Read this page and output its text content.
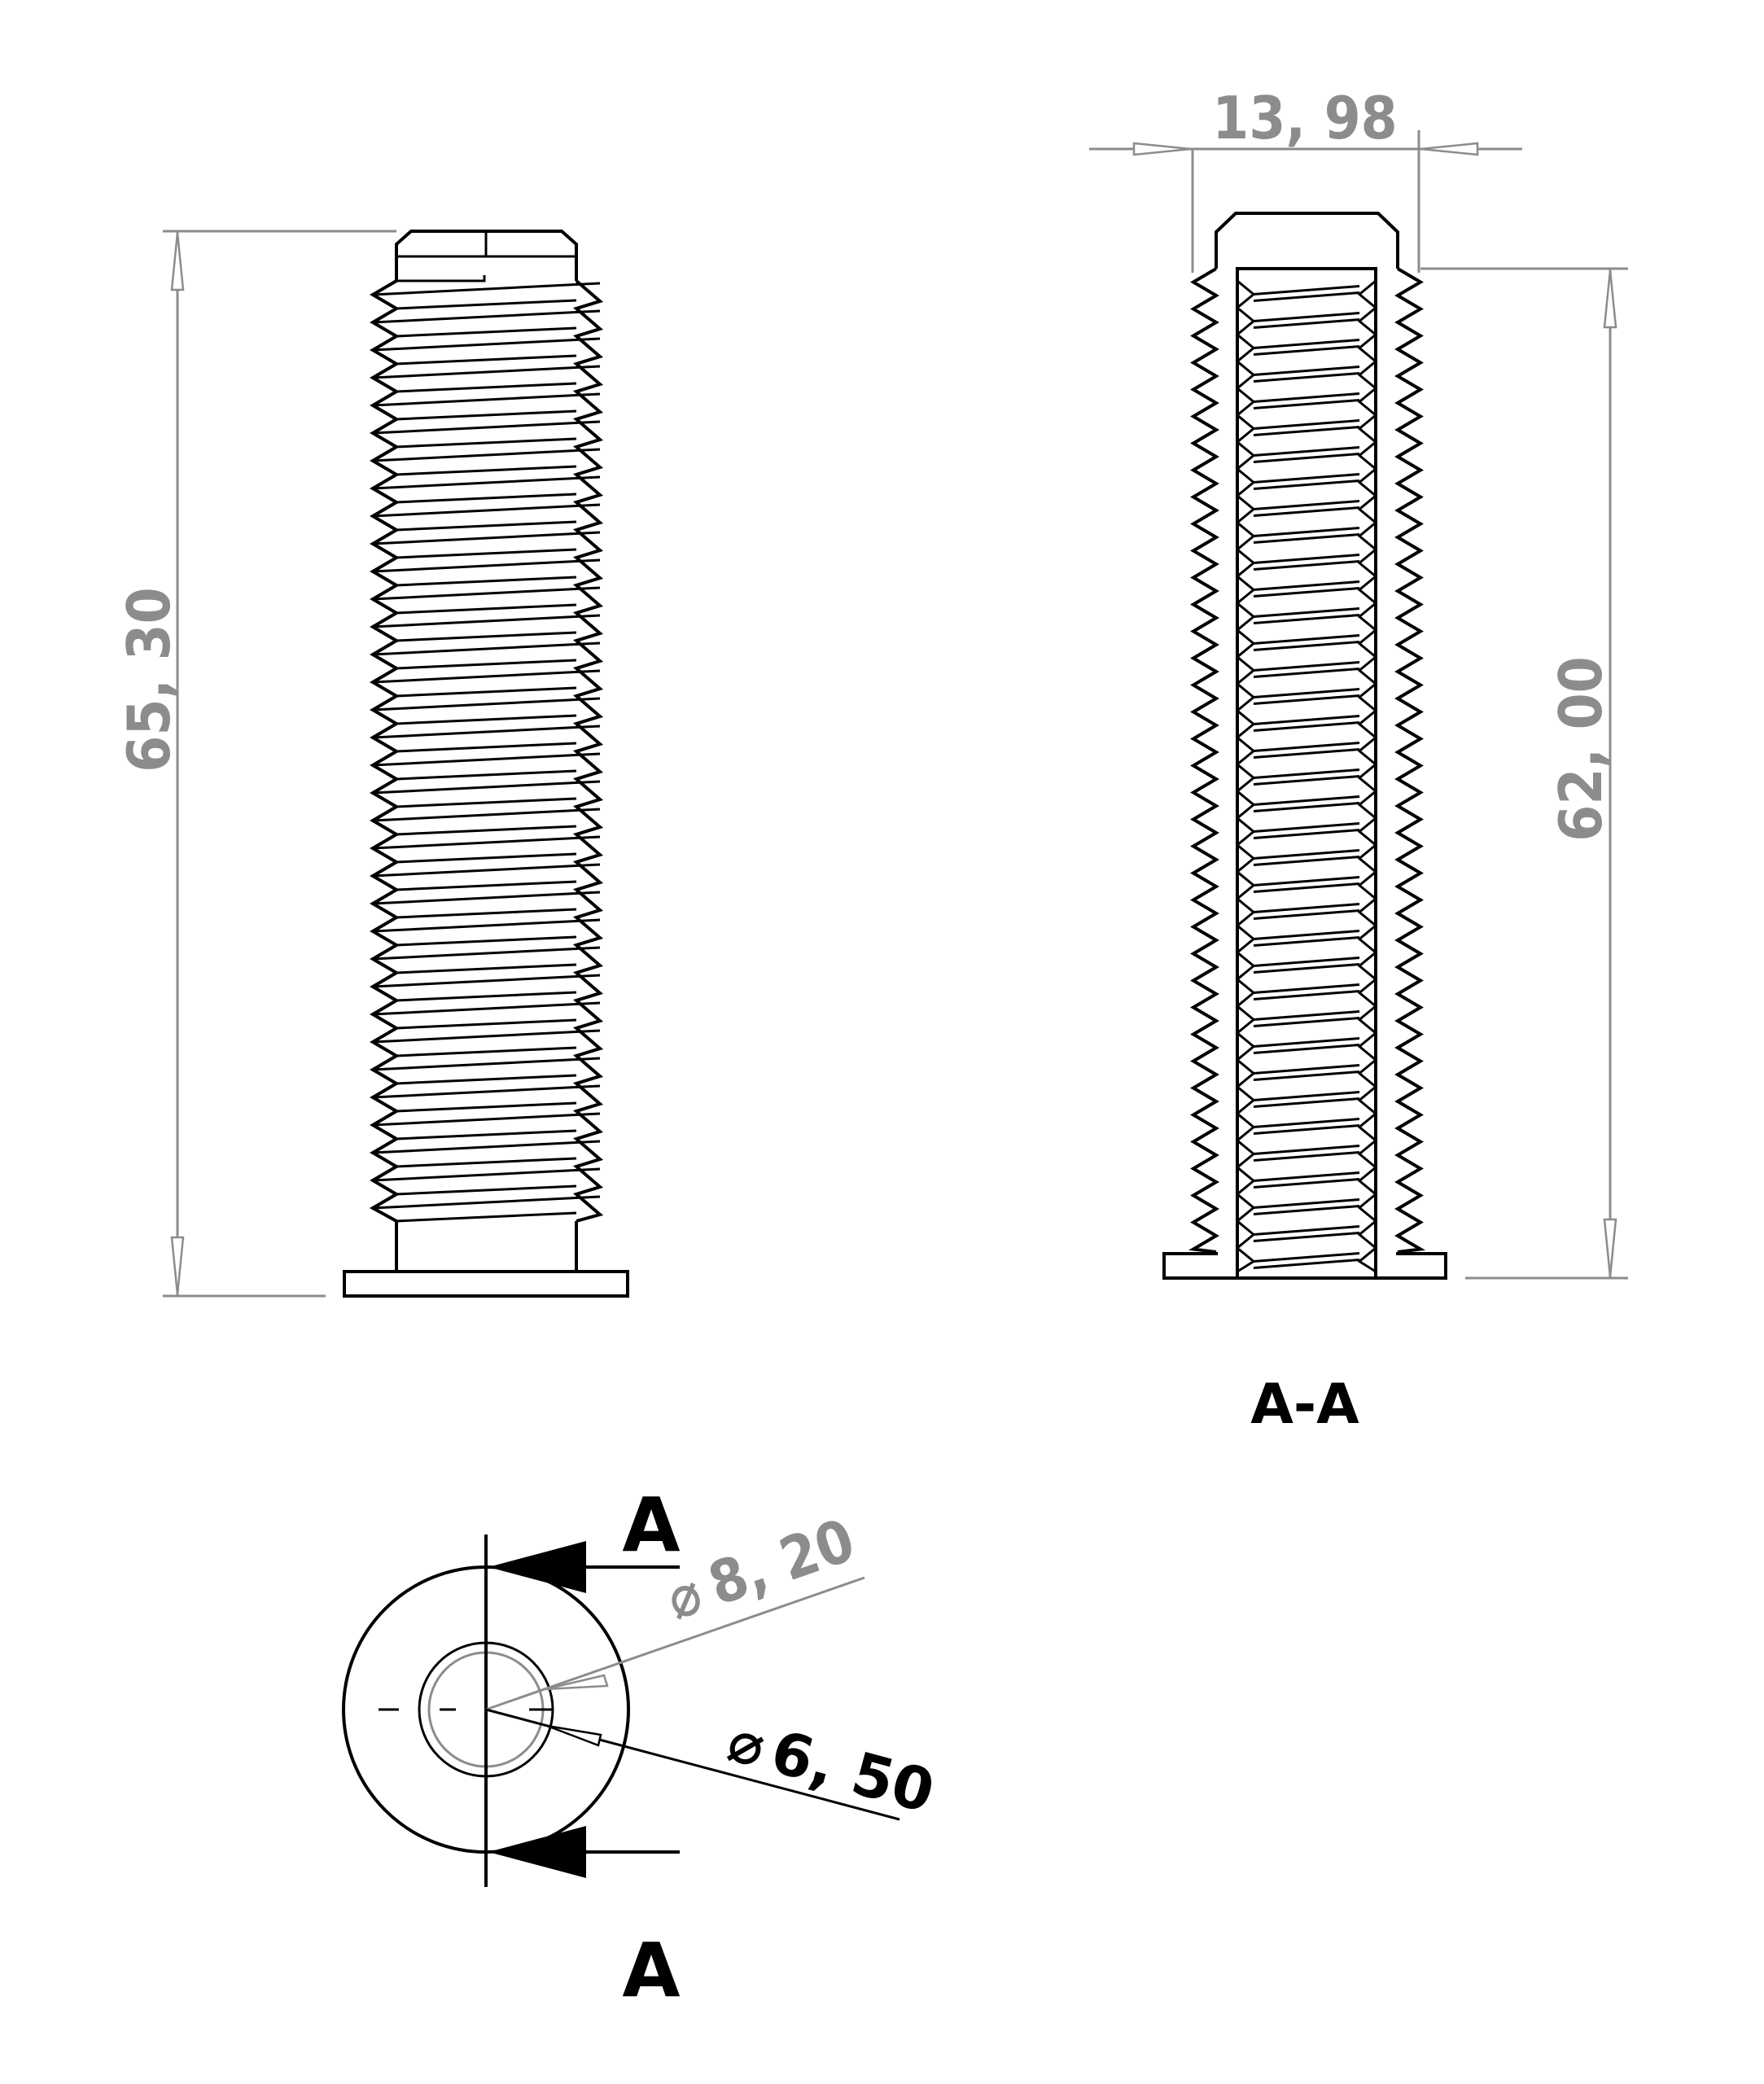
65, 30
13, 98
62, 00
A-A
A
A
⌀
8, 20
⌀
6, 50
